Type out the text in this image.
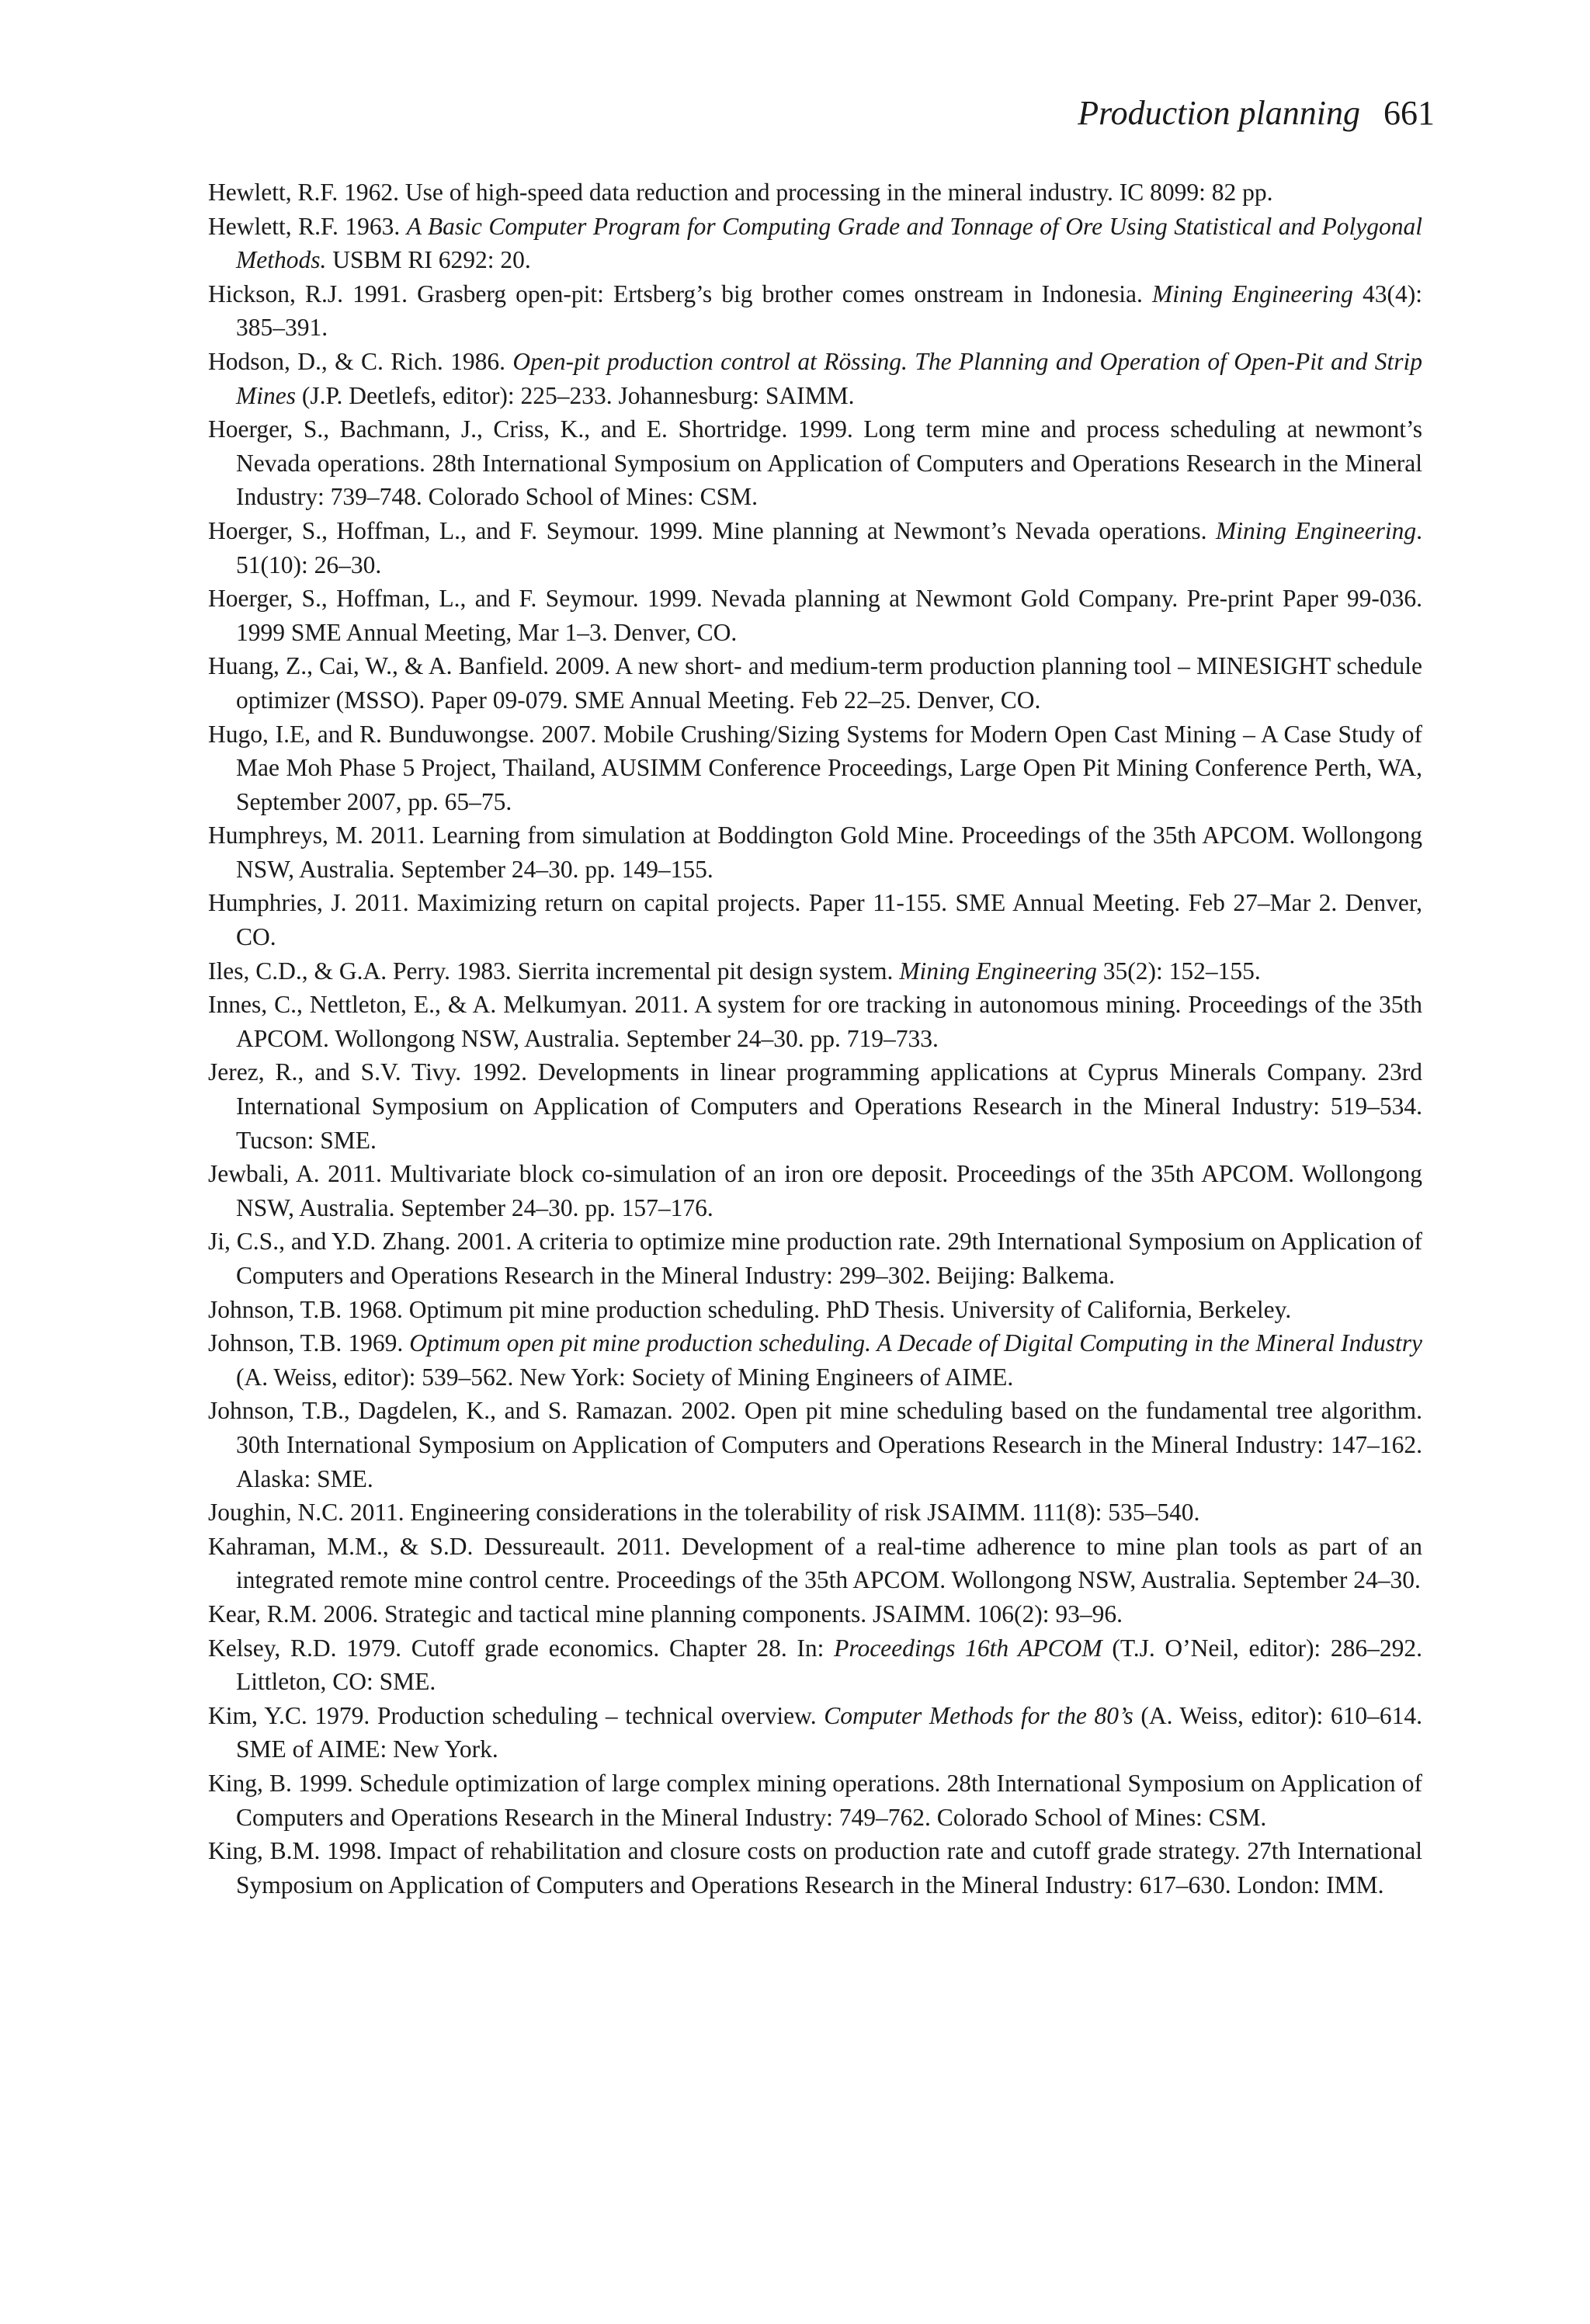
Production planning 661
Hewlett, R.F. 1962. Use of high-speed data reduction and processing in the mineral industry. IC 8099: 82 pp.
Hewlett, R.F. 1963. A Basic Computer Program for Computing Grade and Tonnage of Ore Using Statistical and Polygonal Methods. USBM RI 6292: 20.
Hickson, R.J. 1991. Grasberg open-pit: Ertsberg’s big brother comes onstream in Indonesia. Mining Engineering 43(4): 385–391.
Hodson, D., & C. Rich. 1986. Open-pit production control at Rössing. The Planning and Operation of Open-Pit and Strip Mines (J.P. Deetlefs, editor): 225–233. Johannesburg: SAIMM.
Hoerger, S., Bachmann, J., Criss, K., and E. Shortridge. 1999. Long term mine and process scheduling at newmont’s Nevada operations. 28th International Symposium on Application of Computers and Operations Research in the Mineral Industry: 739–748. Colorado School of Mines: CSM.
Hoerger, S., Hoffman, L., and F. Seymour. 1999. Mine planning at Newmont’s Nevada operations. Mining Engineering. 51(10): 26–30.
Hoerger, S., Hoffman, L., and F. Seymour. 1999. Nevada planning at Newmont Gold Company. Pre-print Paper 99-036. 1999 SME Annual Meeting, Mar 1–3. Denver, CO.
Huang, Z., Cai, W., & A. Banfield. 2009. A new short- and medium-term production planning tool – MINESIGHT schedule optimizer (MSSO). Paper 09-079. SME Annual Meeting. Feb 22–25. Denver, CO.
Hugo, I.E, and R. Bunduwongse. 2007. Mobile Crushing/Sizing Systems for Modern Open Cast Mining – A Case Study of Mae Moh Phase 5 Project, Thailand, AUSIMM Conference Proceedings, Large Open Pit Mining Conference Perth, WA, September 2007, pp. 65–75.
Humphreys, M. 2011. Learning from simulation at Boddington Gold Mine. Proceedings of the 35th APCOM. Wollongong NSW, Australia. September 24–30. pp. 149–155.
Humphries, J. 2011. Maximizing return on capital projects. Paper 11-155. SME Annual Meeting. Feb 27–Mar 2. Denver, CO.
Iles, C.D., & G.A. Perry. 1983. Sierrita incremental pit design system. Mining Engineering 35(2): 152–155.
Innes, C., Nettleton, E., & A. Melkumyan. 2011. A system for ore tracking in autonomous mining. Proceedings of the 35th APCOM. Wollongong NSW, Australia. September 24–30. pp. 719–733.
Jerez, R., and S.V. Tivy. 1992. Developments in linear programming applications at Cyprus Minerals Company. 23rd International Symposium on Application of Computers and Operations Research in the Mineral Industry: 519–534. Tucson: SME.
Jewbali, A. 2011. Multivariate block co-simulation of an iron ore deposit. Proceedings of the 35th APCOM. Wollongong NSW, Australia. September 24–30. pp. 157–176.
Ji, C.S., and Y.D. Zhang. 2001. A criteria to optimize mine production rate. 29th International Symposium on Application of Computers and Operations Research in the Mineral Industry: 299–302. Beijing: Balkema.
Johnson, T.B. 1968. Optimum pit mine production scheduling. PhD Thesis. University of California, Berkeley.
Johnson, T.B. 1969. Optimum open pit mine production scheduling. A Decade of Digital Computing in the Mineral Industry (A. Weiss, editor): 539–562. New York: Society of Mining Engineers of AIME.
Johnson, T.B., Dagdelen, K., and S. Ramazan. 2002. Open pit mine scheduling based on the fundamental tree algorithm. 30th International Symposium on Application of Computers and Operations Research in the Mineral Industry: 147–162. Alaska: SME.
Joughin, N.C. 2011. Engineering considerations in the tolerability of risk JSAIMM. 111(8): 535–540.
Kahraman, M.M., & S.D. Dessureault. 2011. Development of a real-time adherence to mine plan tools as part of an integrated remote mine control centre. Proceedings of the 35th APCOM. Wollongong NSW, Australia. September 24–30.
Kear, R.M. 2006. Strategic and tactical mine planning components. JSAIMM. 106(2): 93–96.
Kelsey, R.D. 1979. Cutoff grade economics. Chapter 28. In: Proceedings 16th APCOM (T.J. O’Neil, editor): 286–292. Littleton, CO: SME.
Kim, Y.C. 1979. Production scheduling – technical overview. Computer Methods for the 80’s (A. Weiss, editor): 610–614. SME of AIME: New York.
King, B. 1999. Schedule optimization of large complex mining operations. 28th International Symposium on Application of Computers and Operations Research in the Mineral Industry: 749–762. Colorado School of Mines: CSM.
King, B.M. 1998. Impact of rehabilitation and closure costs on production rate and cutoff grade strategy. 27th International Symposium on Application of Computers and Operations Research in the Mineral Industry: 617–630. London: IMM.
